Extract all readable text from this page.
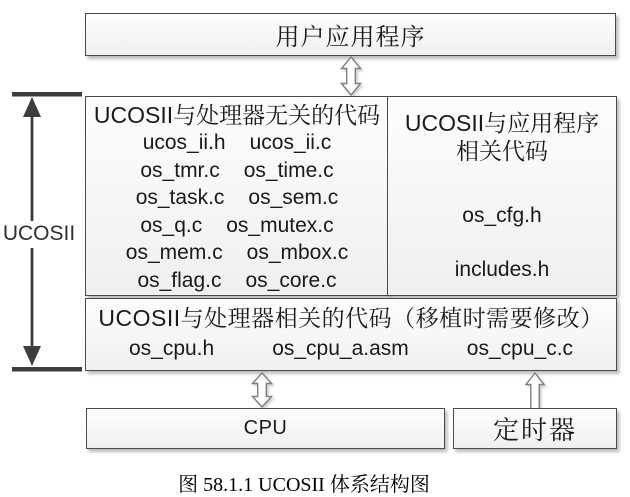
用户应用程序
UCOSII
UCOSII与处理器无关的代码
ucos_ii.h ucos_ii.c
os_tmr.c os_time.c
os_task.c os_sem.c
os_q.c os_mutex.c
os_mem.c os_mbox.c
os_flag.c os_core.c
UCOSII与应用程序
相关代码
os_cfg.h
includes.h
UCOSII与处理器相关的代码（移植时需要修改）
os_cpu.h	os_cpu_a.asm	os_cpu_c.c
CPU	定时器
图 58.1.1 UCOSII 体系结构图
